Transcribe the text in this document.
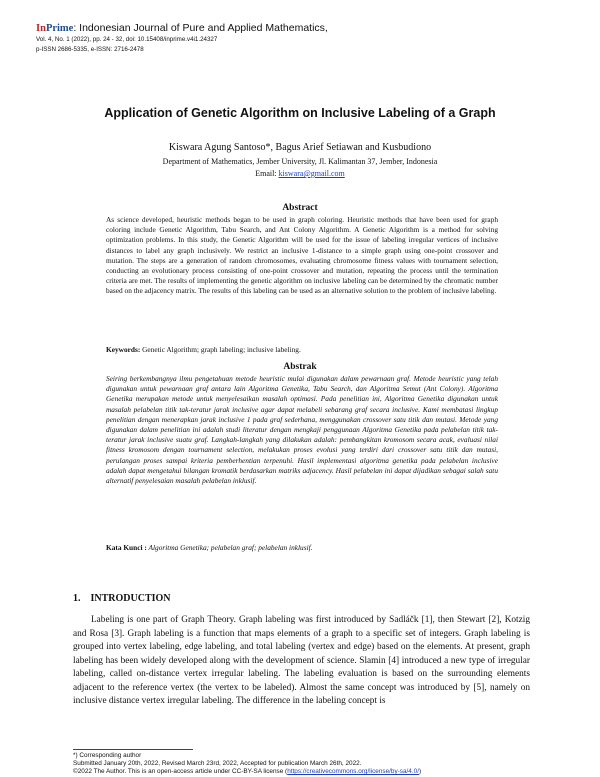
InPrime: Indonesian Journal of Pure and Applied Mathematics,
Vol. 4, No. 1 (2022), pp. 24 - 32, doi: 10.15408/inprime.v4i1.24327
p-ISSN 2686-5335, e-ISSN: 2716-2478
Application of Genetic Algorithm on Inclusive Labeling of a Graph
Kiswara Agung Santoso*, Bagus Arief Setiawan and Kusbudiono
Department of Mathematics, Jember University, Jl. Kalimantan 37, Jember, Indonesia
Email: kiswara@gmail.com
Abstract
As science developed, heuristic methods began to be used in graph coloring. Heuristic methods that have been used for graph coloring include Genetic Algorithm, Tabu Search, and Ant Colony Algorithm. A Genetic Algorithm is a method for solving optimization problems. In this study, the Genetic Algorithm will be used for the issue of labeling irregular vertices of inclusive distances to label any graph inclusively. We restrict an inclusive 1-distance to a simple graph using one-point crossover and mutation. The steps are a generation of random chromosomes, evaluating chromosome fitness values with tournament selection, conducting an evolutionary process consisting of one-point crossover and mutation, repeating the process until the termination criteria are met. The results of implementing the genetic algorithm on inclusive labeling can be determined by the chromatic number based on the adjacency matrix. The results of this labeling can be used as an alternative solution to the problem of inclusive labeling.
Keywords: Genetic Algorithm; graph labeling; inclusive labeling.
Abstrak
Seiring berkembangnya ilmu pengetahuan metode heuristic mulai digunakan dalam pewarnaan graf. Metode heuristic yang telah digunakan untuk pewarnaan graf antara lain Algoritma Genetika, Tabu Search, dan Algoritma Semut (Ant Colony). Algoritma Genetika merupakan metode untuk menyelesaikan masalah optimasi. Pada penelitian ini, Algoritma Genetika digunakan untuk masalah pelabelan titik tak-teratur jarak inclusive agar dapat melabeli sebarang graf secara inclusive. Kami membatasi lingkup penelitian dengan menerapkan jarak inclusive 1 pada graf sederhana, menggunakan crossover satu titik dan mutasi. Metode yang digunakan dalam penelitian ini adalah studi literatur dengan mengkaji penggunaan Algoritma Genetika pada pelabelan titik tak-teratur jarak inclusive suatu graf. Langkah-langkah yang dilakukan adalah: pembangkitan kromosom secara acak, evaluasi nilai fitness kromosom dengan tournament selection, melakukan proses evolusi yang terdiri dari crossover satu titik dan mutasi, perulangan proses sampai kriteria pemberhentian terpenuhi. Hasil implementasi algoritma genetika pada pelabelan inclusive adalah dapat mengetahui bilangan kromatik berdasarkan matriks adjacency. Hasil pelabelan ini dapat dijadikan sebagai salah satu alternatif penyelesaian masalah pelabelan inklusif.
Kata Kunci : Algoritma Genetika; pelabelan graf; pelabelan inklusif.
1.    INTRODUCTION

Labeling is one part of Graph Theory. Graph labeling was first introduced by Sadláčk [1], then Stewart [2], Kotzig and Rosa [3]. Graph labeling is a function that maps elements of a graph to a specific set of integers. Graph labeling is grouped into vertex labeling, edge labeling, and total labeling (vertex and edge) based on the elements. At present, graph labeling has been widely developed along with the development of science. Slamin [4] introduced a new type of irregular labeling, called on-distance vertex irregular labeling. The labeling evaluation is based on the surrounding elements adjacent to the reference vertex (the vertex to be labeled). Almost the same concept was introduced by [5], namely on inclusive distance vertex irregular labeling. The difference in the labeling concept is

*) Corresponding author
Submitted January 20th, 2022, Revised March 23rd, 2022, Accepted for publication March 26th, 2022.
©2022 The Author. This is an open-access article under CC-BY-SA license (https://creativecommons.org/license/by-sa/4.0/)
